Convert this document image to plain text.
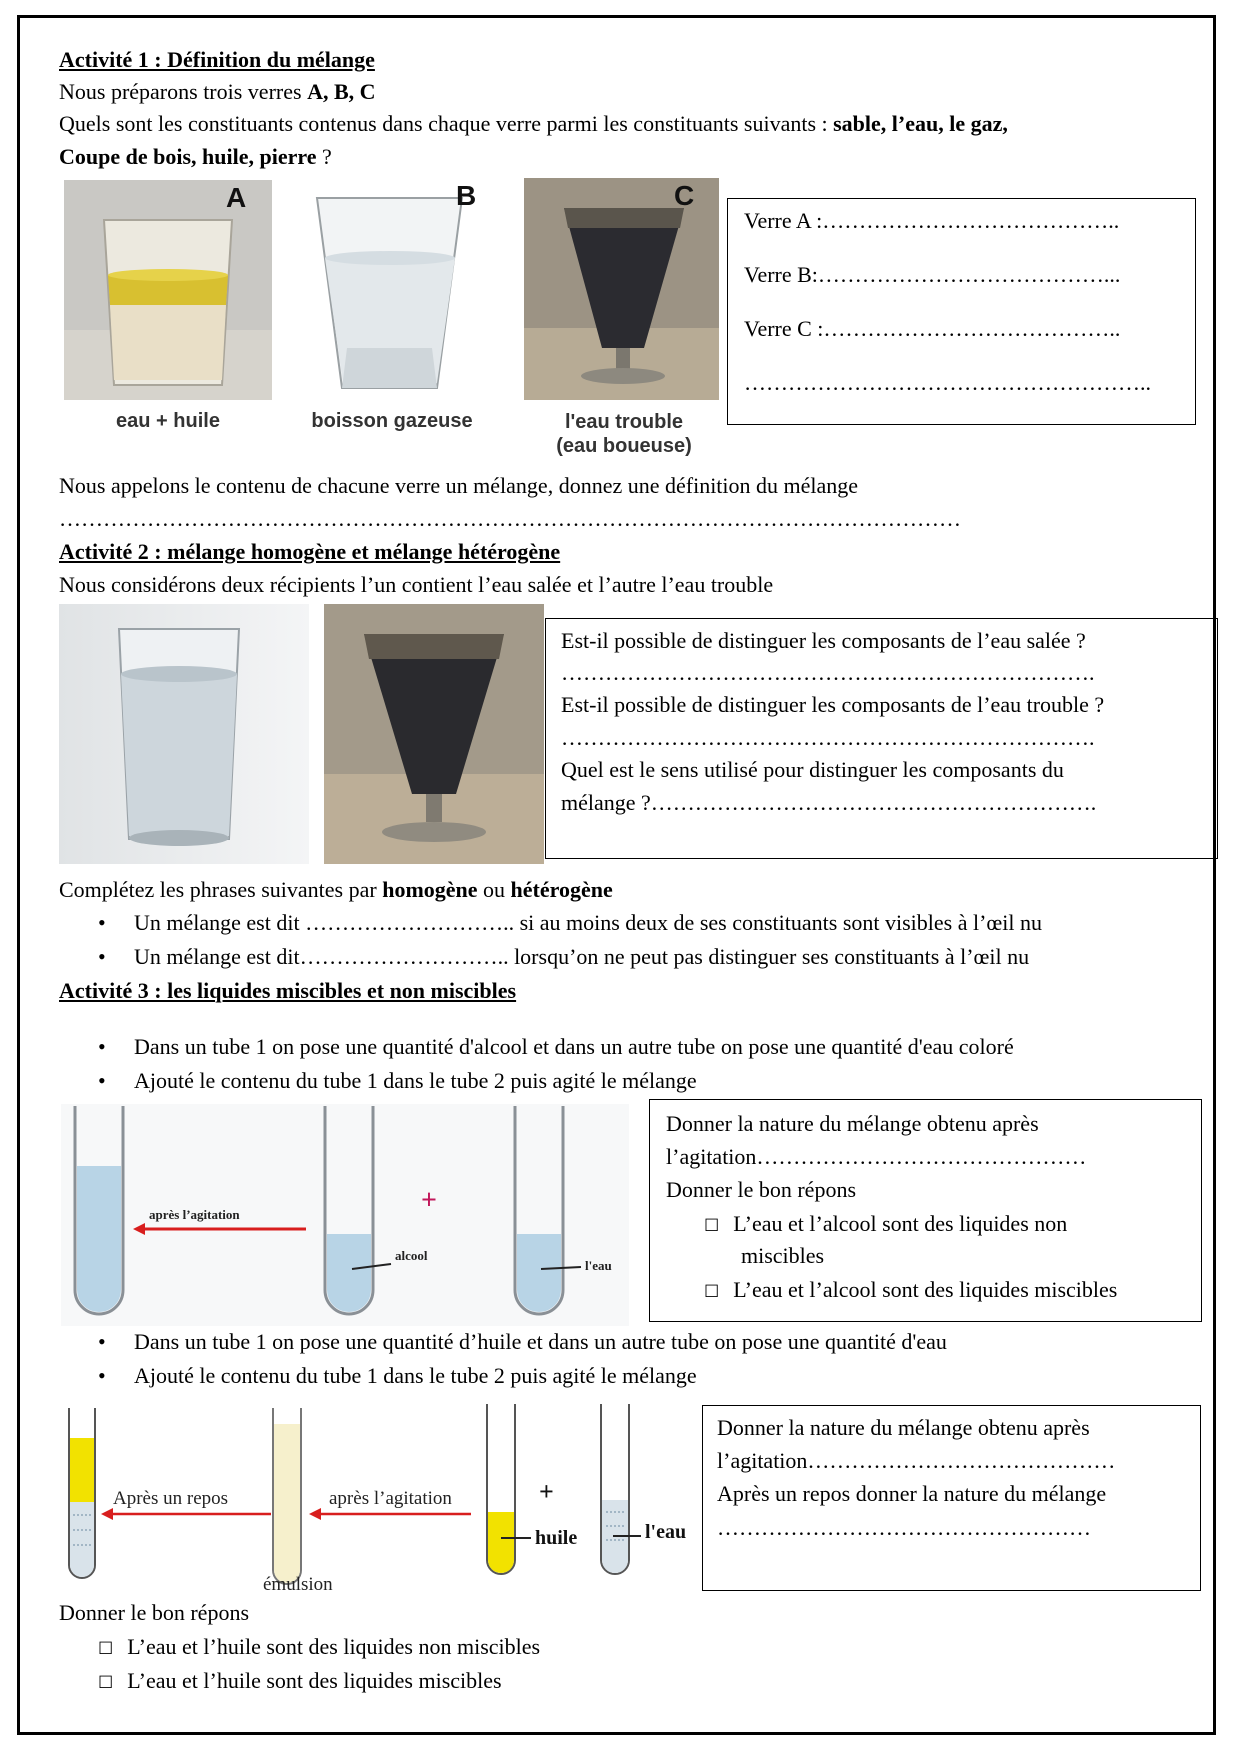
Activité 1 : Définition du mélange
Nous préparons trois verres A, B, C
Quels sont les constituants contenus dans chaque verre parmi les constituants suivants : sable, l’eau, le gaz,
Coupe de bois, huile, pierre ?
A
eau + huile
B
boisson gazeuse
C
l'eau trouble
(eau boueuse)
Verre A :…………………………………..
Verre B:…………………………………...
Verre C :…………………………………..
………………………………………………..
Nous appelons le contenu de chacune verre un mélange, donnez une définition du mélange
……………………………………………………………………………………………………………
Activité 2 : mélange homogène et mélange hétérogène
Nous considérons deux récipients l’un contient l’eau salée et l’autre l’eau trouble
Est-il possible de distinguer les composants de l’eau salée ?
……………………………………………………………….
Est-il possible de distinguer les composants de l’eau trouble ?
……………………………………………………………….
Quel est le sens utilisé pour distinguer les composants du
mélange ?…………………………………………………….
Complétez les phrases suivantes par homogène ou hétérogène
• Un mélange est dit ……………………….. si au moins deux de ses constituants sont visibles à l’œil nu
• Un mélange est dit……………………….. lorsqu’on ne peut pas distinguer ses constituants à l’œil nu
Activité 3 : les liquides miscibles et non miscibles
• Dans un tube 1 on pose une quantité d'alcool et dans un autre tube on pose une quantité d'eau coloré
• Ajouté le contenu du tube 1 dans le tube 2 puis agité le mélange
après l’agitation	+
alcool
l'eau
Donner la nature du mélange obtenu après
l’agitation………………………………………
Donner le bon répons
☐ L’eau et l’alcool sont des liquides non
miscibles
☐ L’eau et l’alcool sont des liquides miscibles
• Dans un tube 1 on pose une quantité d’huile et dans un autre tube on pose une quantité d'eau
• Ajouté le contenu du tube 1 dans le tube 2 puis agité le mélange
Après un repos
émulsion
après l’agitation	+
huile	l'eau
Donner la nature du mélange obtenu après
l’agitation……………………………………
Après un repos donner la nature du mélange
……………………………………………
Donner le bon répons
☐ L’eau et l’huile sont des liquides non miscibles
☐ L’eau et l’huile sont des liquides miscibles
